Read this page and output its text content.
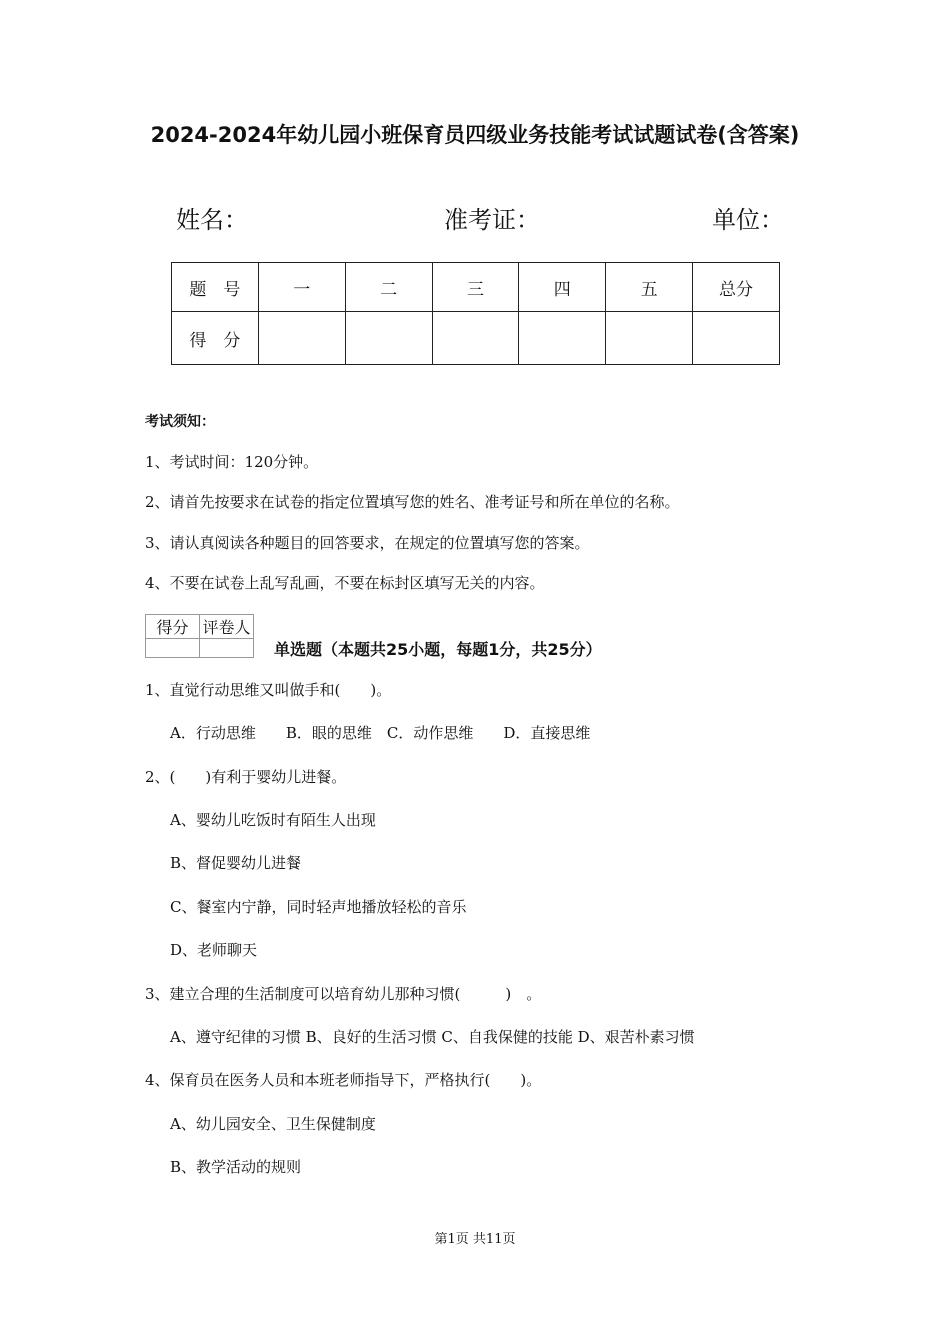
2024-2024年幼儿园小班保育员四级业务技能考试试题试卷(含答案)
姓名：	准考证：	单位：
题　号	一	二	三	四	五	总分
得　分						
考试须知：
1、考试时间：120分钟。
2、请首先按要求在试卷的指定位置填写您的姓名、准考证号和所在单位的名称。
3、请认真阅读各种题目的回答要求，在规定的位置填写您的答案。
4、不要在试卷上乱写乱画，不要在标封区填写无关的内容。
得分	评卷人

单选题（本题共25小题，每题1分，共25分）
1、直觉行动思维又叫做手和(　　)。
A．行动思维　　B．眼的思维　C．动作思维　　D．直接思维
2、(　　)有利于婴幼儿进餐。
A、婴幼儿吃饭时有陌生人出现
B、督促婴幼儿进餐
C、餐室内宁静，同时轻声地播放轻松的音乐
D、老师聊天
3、建立合理的生活制度可以培育幼儿那种习惯(　　　)　。
A、遵守纪律的习惯 B、良好的生活习惯 C、自我保健的技能 D、艰苦朴素习惯
4、保育员在医务人员和本班老师指导下，严格执行(　　)。
A、幼儿园安全、卫生保健制度
B、教学活动的规则
第1页 共11页
